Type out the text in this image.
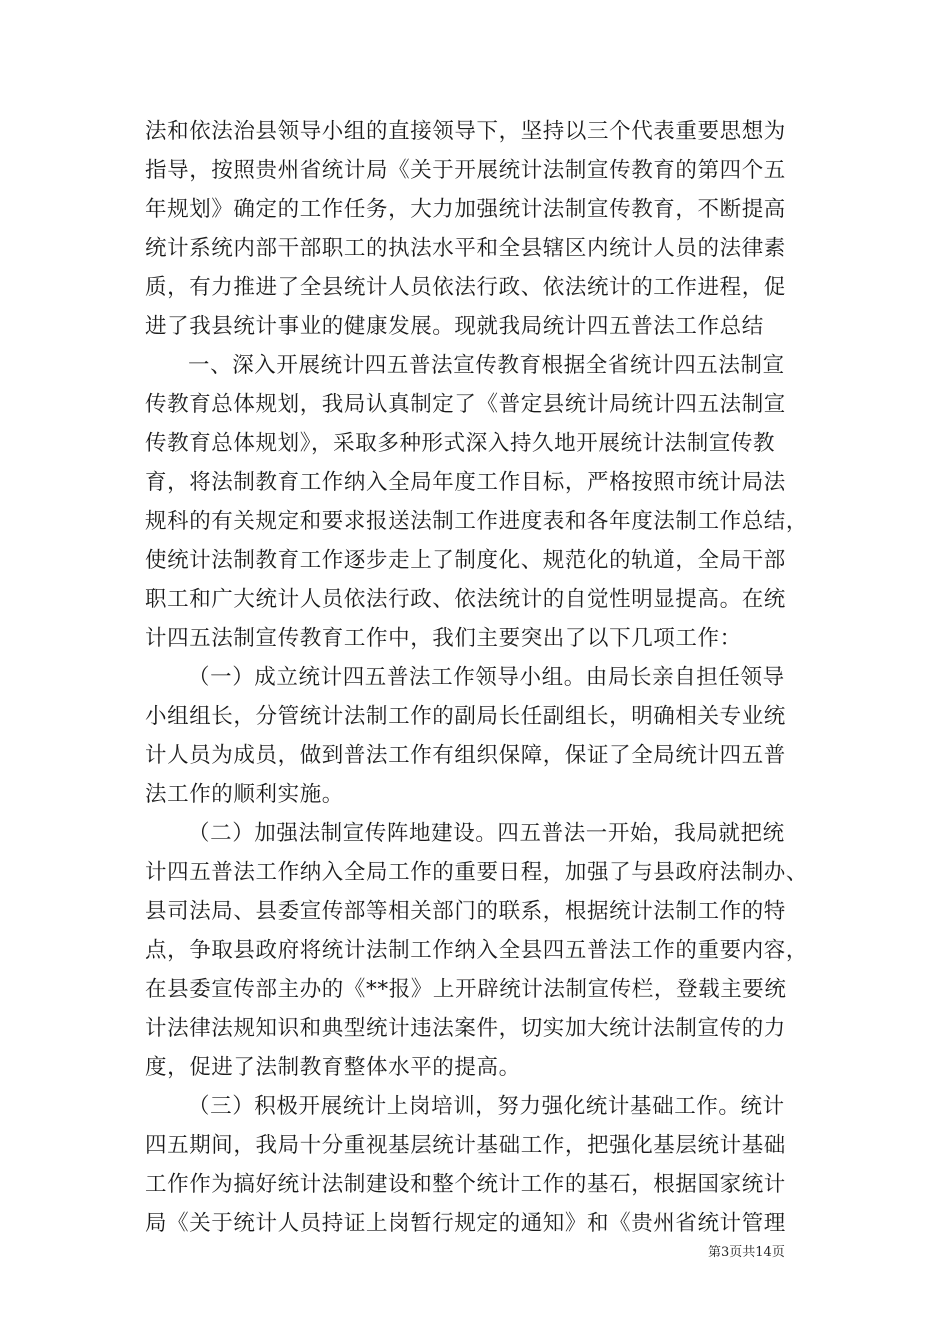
法和依法治县领导小组的直接领导下，坚持以三个代表重要思想为
指导，按照贵州省统计局《关于开展统计法制宣传教育的第四个五
年规划》确定的工作任务，大力加强统计法制宣传教育，不断提高
统计系统内部干部职工的执法水平和全县辖区内统计人员的法律素
质，有力推进了全县统计人员依法行政、依法统计的工作进程，促
进了我县统计事业的健康发展。现就我局统计四五普法工作总结
一、深入开展统计四五普法宣传教育根据全省统计四五法制宣
传教育总体规划，我局认真制定了《普定县统计局统计四五法制宣
传教育总体规划》，采取多种形式深入持久地开展统计法制宣传教
育，将法制教育工作纳入全局年度工作目标，严格按照市统计局法
规科的有关规定和要求报送法制工作进度表和各年度法制工作总结，
使统计法制教育工作逐步走上了制度化、规范化的轨道，全局干部
职工和广大统计人员依法行政、依法统计的自觉性明显提高。在统
计四五法制宣传教育工作中，我们主要突出了以下几项工作：
（一）成立统计四五普法工作领导小组。由局长亲自担任领导
小组组长，分管统计法制工作的副局长任副组长，明确相关专业统
计人员为成员，做到普法工作有组织保障，保证了全局统计四五普
法工作的顺利实施。
（二）加强法制宣传阵地建设。四五普法一开始，我局就把统
计四五普法工作纳入全局工作的重要日程，加强了与县政府法制办、
县司法局、县委宣传部等相关部门的联系，根据统计法制工作的特
点，争取县政府将统计法制工作纳入全县四五普法工作的重要内容，
在县委宣传部主办的《**报》上开辟统计法制宣传栏，登载主要统
计法律法规知识和典型统计违法案件，切实加大统计法制宣传的力
度，促进了法制教育整体水平的提高。
（三）积极开展统计上岗培训，努力强化统计基础工作。统计
四五期间，我局十分重视基层统计基础工作，把强化基层统计基础
工作作为搞好统计法制建设和整个统计工作的基石，根据国家统计
局《关于统计人员持证上岗暂行规定的通知》和《贵州省统计管理
第3页共14页
